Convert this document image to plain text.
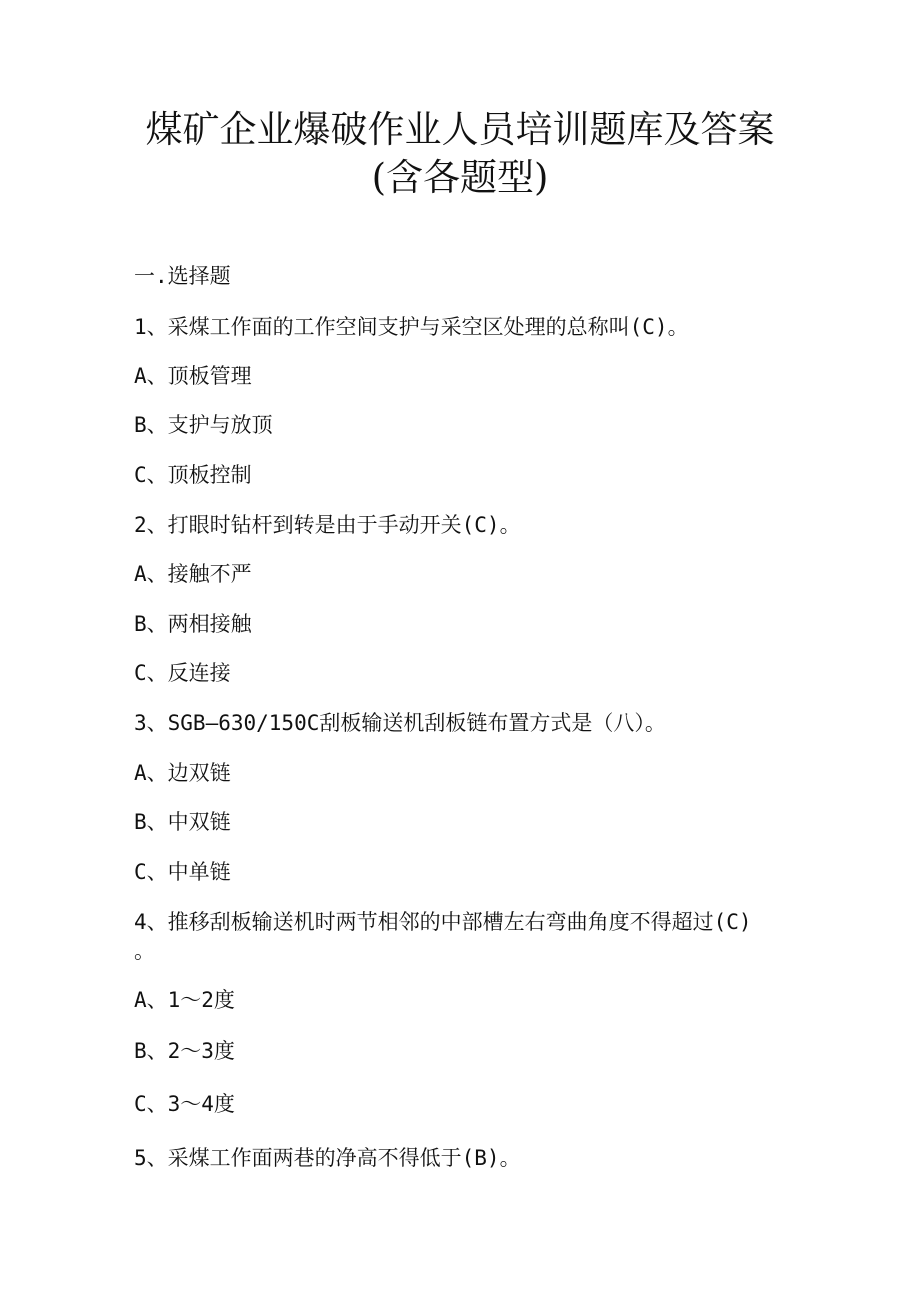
煤矿企业爆破作业人员培训题库及答案
(含各题型)
一.选择题
1、采煤工作面的工作空间支护与采空区处理的总称叫(C)。
A、顶板管理
B、支护与放顶
C、顶板控制
2、打眼时钻杆到转是由于手动开关(C)。
A、接触不严
B、两相接触
C、反连接
3、SGB—630/150C刮板输送机刮板链布置方式是（八）。
A、边双链
B、中双链
C、中单链
4、推移刮板输送机时两节相邻的中部槽左右弯曲角度不得超过(C)
。
A、1～2度
B、2～3度
C、3～4度
5、采煤工作面两巷的净高不得低于(B)。
